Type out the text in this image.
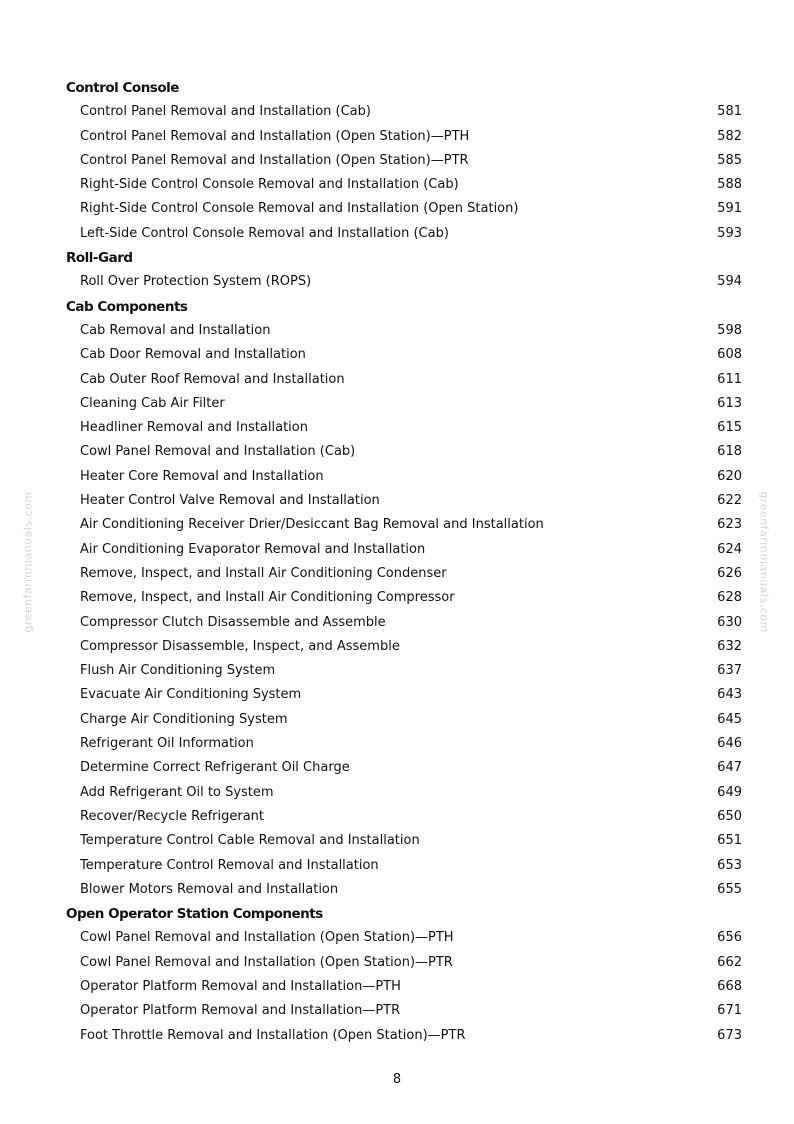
Control Console
Control Panel Removal and Installation (Cab)	581
Control Panel Removal and Installation (Open Station)—PTH	582
Control Panel Removal and Installation (Open Station)—PTR	585
Right-Side Control Console Removal and Installation (Cab)	588
Right-Side Control Console Removal and Installation (Open Station)	591
Left-Side Control Console Removal and Installation (Cab)	593
Roll-Gard
Roll Over Protection System (ROPS)	594
Cab Components
Cab Removal and Installation	598
Cab Door Removal and Installation	608
Cab Outer Roof Removal and Installation	611
Cleaning Cab Air Filter	613
Headliner Removal and Installation	615
Cowl Panel Removal and Installation (Cab)	618
Heater Core Removal and Installation	620
Heater Control Valve Removal and Installation	622
Air Conditioning Receiver Drier/Desiccant Bag Removal and Installation	623
Air Conditioning Evaporator Removal and Installation	624
Remove, Inspect, and Install Air Conditioning Condenser	626
Remove, Inspect, and Install Air Conditioning Compressor	628
Compressor Clutch Disassemble and Assemble	630
Compressor Disassemble, Inspect, and Assemble	632
Flush Air Conditioning System	637
Evacuate Air Conditioning System	643
Charge Air Conditioning System	645
Refrigerant Oil Information	646
Determine Correct Refrigerant Oil Charge	647
Add Refrigerant Oil to System	649
Recover/Recycle Refrigerant	650
Temperature Control Cable Removal and Installation	651
Temperature Control Removal and Installation	653
Blower Motors Removal and Installation	655
Open Operator Station Components
Cowl Panel Removal and Installation (Open Station)—PTH	656
Cowl Panel Removal and Installation (Open Station)—PTR	662
Operator Platform Removal and Installation—PTH	668
Operator Platform Removal and Installation—PTR	671
Foot Throttle Removal and Installation (Open Station)—PTR	673
8
greenfarmmanuals.com	greenfarmmanuals.com
